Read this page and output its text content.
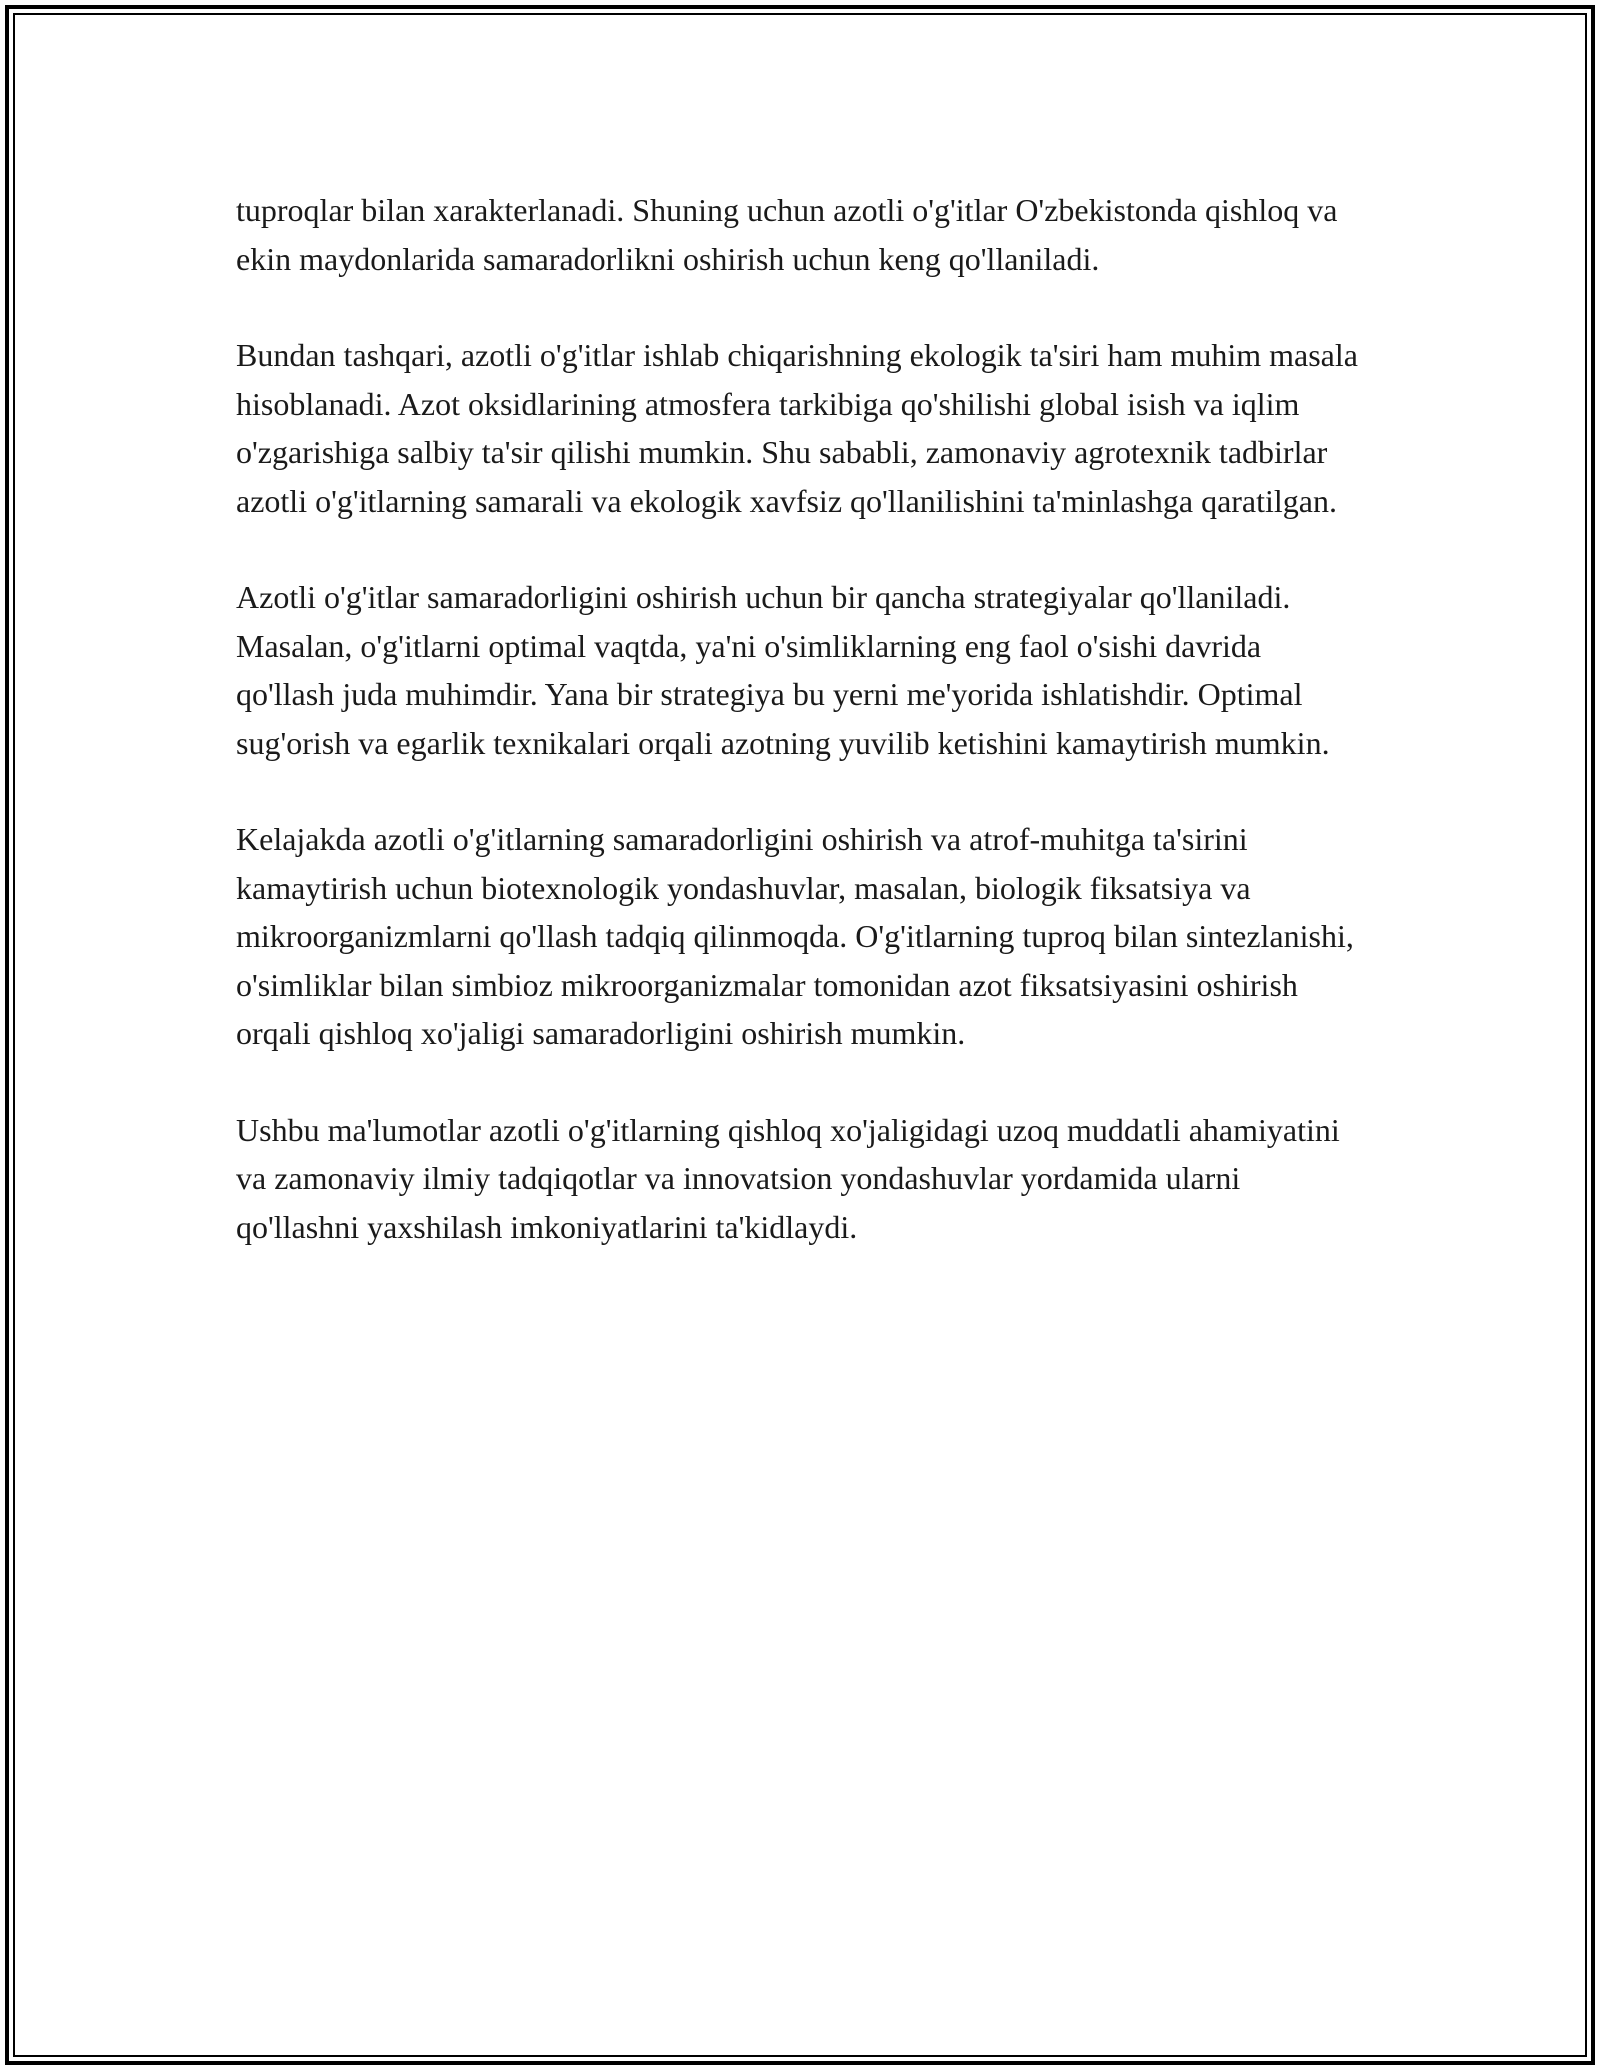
tuproqlar bilan xarakterlanadi. Shuning uchun azotli o'g'itlar O'zbekistonda qishloq va ekin maydonlarida samaradorlikni oshirish uchun keng qo'llaniladi.

Bundan tashqari, azotli o'g'itlar ishlab chiqarishning ekologik ta'siri ham muhim masala hisoblanadi. Azot oksidlarining atmosfera tarkibiga qo'shilishi global isish va iqlim o'zgarishiga salbiy ta'sir qilishi mumkin. Shu sababli, zamonaviy agrotexnik tadbirlar azotli o'g'itlarning samarali va ekologik xavfsiz qo'llanilishini ta'minlashga qaratilgan.

Azotli o'g'itlar samaradorligini oshirish uchun bir qancha strategiyalar qo'llaniladi. Masalan, o'g'itlarni optimal vaqtda, ya'ni o'simliklarning eng faol o'sishi davrida qo'llash juda muhimdir. Yana bir strategiya bu yerni me'yorida ishlatishdir. Optimal sug'orish va egarlik texnikalari orqali azotning yuvilib ketishini kamaytirish mumkin.

Kelajakda azotli o'g'itlarning samaradorligini oshirish va atrof-muhitga ta'sirini kamaytirish uchun biotexnologik yondashuvlar, masalan, biologik fiksatsiya va mikroorganizmlarni qo'llash tadqiq qilinmoqda. O'g'itlarning tuproq bilan sintezlanishi, o'simliklar bilan simbioz mikroorganizmalar tomonidan azot fiksatsiyasini oshirish orqali qishloq xo'jaligi samaradorligini oshirish mumkin.

Ushbu ma'lumotlar azotli o'g'itlarning qishloq xo'jaligidagi uzoq muddatli ahamiyatini va zamonaviy ilmiy tadqiqotlar va innovatsion yondashuvlar yordamida ularni qo'llashni yaxshilash imkoniyatlarini ta'kidlaydi.
